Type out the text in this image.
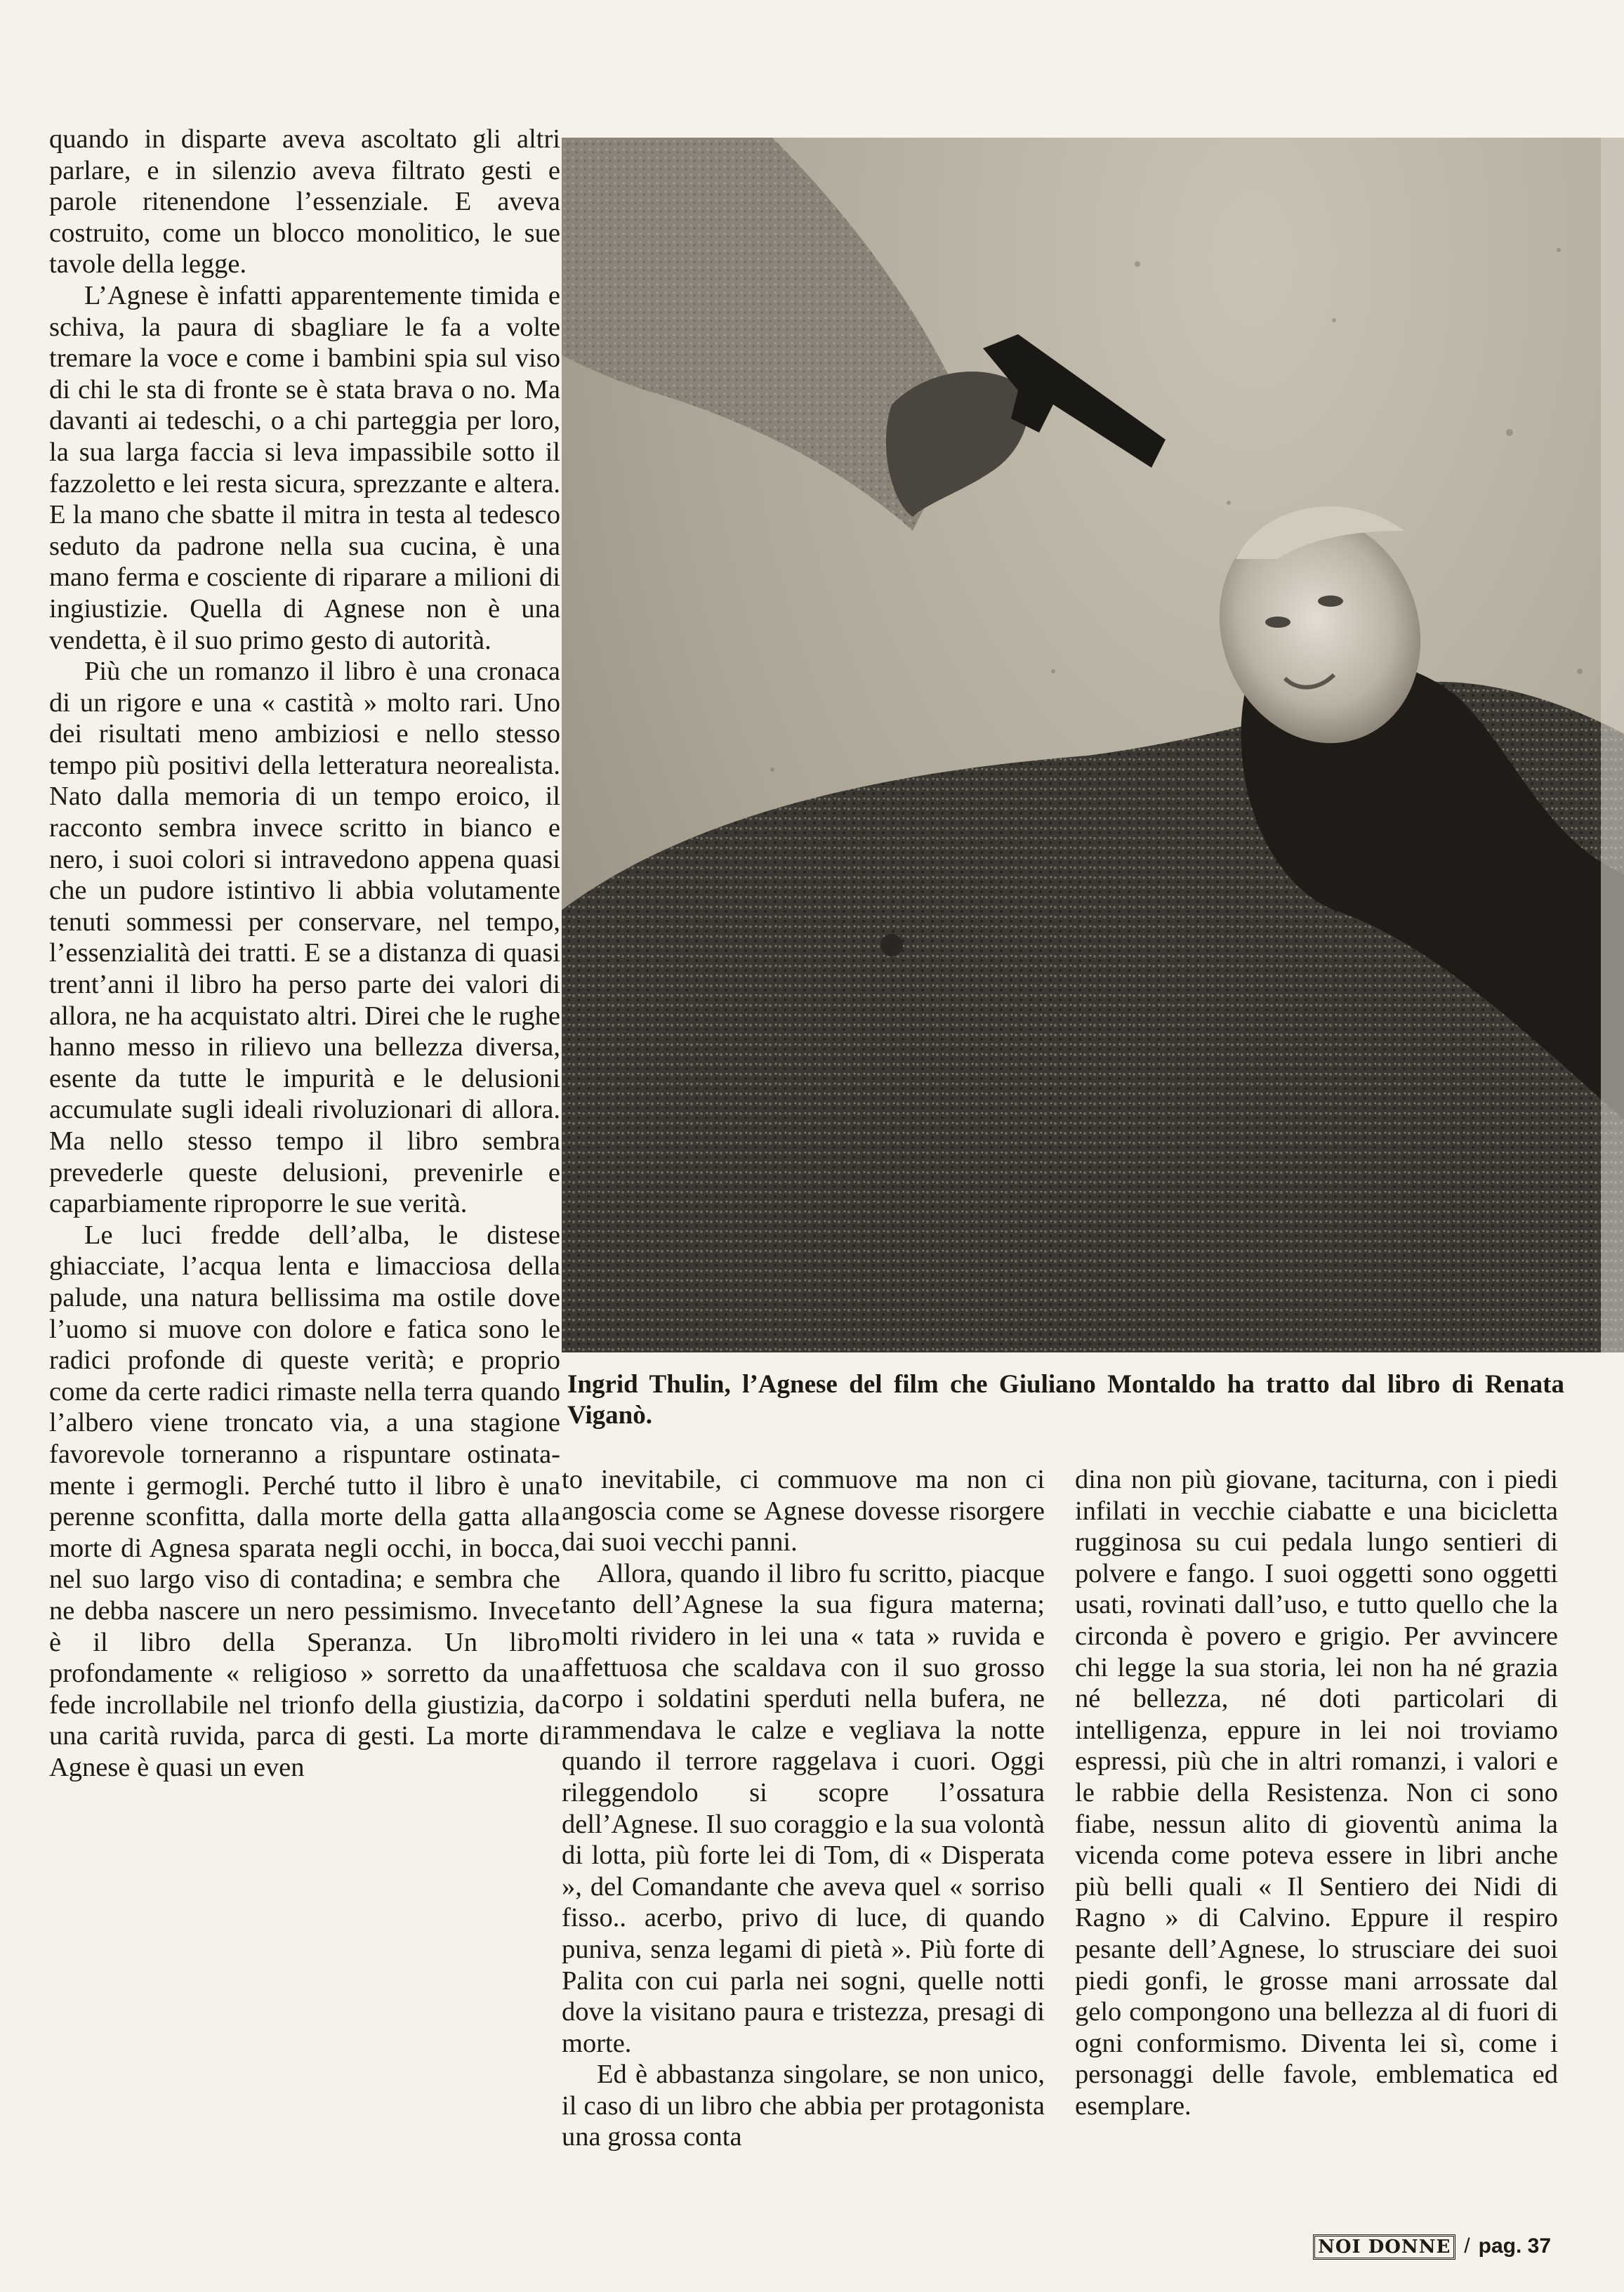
quando in disparte aveva ascoltato gli altri parlare, e in silenzio aveva filtrato gesti e parole ritenendone l’essenziale. E aveva costruito, come un blocco monolitico, le sue tavole della legge.

L’Agnese è infatti apparentemente timida e schiva, la paura di sbagliare le fa a volte tremare la voce e come i bambini spia sul viso di chi le sta di fronte se è stata brava o no. Ma davanti ai tedeschi, o a chi parteggia per loro, la sua larga faccia si leva impassibile sotto il fazzoletto e lei resta sicura, sprezzante e altera. E la mano che sbatte il mitra in testa al tedesco seduto da padrone nella sua cucina, è una mano ferma e cosciente di riparare a milioni di ingiustizie. Quella di Agnese non è una vendetta, è il suo primo gesto di autorità.

Più che un romanzo il libro è una cronaca di un rigore e una « castità » molto rari. Uno dei risultati meno ambiziosi e nello stesso tempo più positivi della letteratura neorealista. Nato dalla memoria di un tempo eroico, il racconto sembra invece scritto in bianco e nero, i suoi colori si intravedono appena quasi che un pudore istintivo li abbia volutamente tenuti sommessi per conservare, nel tempo, l’essenzialità dei tratti. E se a distanza di quasi trent’anni il libro ha perso parte dei valori di allora, ne ha acquistato altri. Direi che le rughe hanno messo in rilievo una bellezza diversa, esente da tutte le impurità e le delusioni accumulate sugli ideali rivoluzionari di allora. Ma nello stesso tempo il libro sembra prevederle queste delusioni, prevenirle e caparbiamente riproporre le sue verità.

Le luci fredde dell’alba, le distese ghiacciate, l’acqua lenta e limacciosa della palude, una natura bellissima ma ostile dove l’uomo si muove con dolore e fatica sono le radici profonde di queste verità; e proprio come da certe radici rimaste nella terra quando l’albero viene troncato via, a una stagione favorevole torneranno a rispuntare ostinatamente i germogli. Perché tutto il libro è una perenne sconfitta, dalla morte della gatta alla morte di Agnesa sparata negli occhi, in bocca, nel suo largo viso di contadina; e sembra che ne debba nascere un nero pessimismo. Invece è il libro della Speranza. Un libro profondamente « religioso » sorretto da una fede incrollabile nel trionfo della giustizia, da una carità ruvida, parca di gesti. La morte di Agnese è quasi un even

Ingrid Thulin, l’Agnese del film che Giuliano Montaldo ha tratto dal libro di Renata Viganò.

to inevitabile, ci commuove ma non ci angoscia come se Agnese dovesse risorgere dai suoi vecchi panni.

Allora, quando il libro fu scritto, piacque tanto dell’Agnese la sua figura materna; molti rividero in lei una « tata » ruvida e affettuosa che scaldava con il suo grosso corpo i soldatini sperduti nella bufera, ne rammendava le calze e vegliava la notte quando il terrore raggelava i cuori. Oggi rileggendolo si scopre l’ossatura dell’Agnese. Il suo coraggio e la sua volontà di lotta, più forte lei di Tom, di « Disperata », del Comandante che aveva quel « sorriso fisso.. acerbo, privo di luce, di quando puniva, senza legami di pietà ». Più forte di Palita con cui parla nei sogni, quelle notti dove la visitano paura e tristezza, presagi di morte.

Ed è abbastanza singolare, se non unico, il caso di un libro che abbia per protagonista una grossa conta

dina non più giovane, taciturna, con i piedi infilati in vecchie ciabatte e una bicicletta rugginosa su cui pedala lungo sentieri di polvere e fango. I suoi oggetti sono oggetti usati, rovinati dall’uso, e tutto quello che la circonda è povero e grigio. Per avvincere chi legge la sua storia, lei non ha né grazia né bellezza, né doti particolari di intelligenza, eppure in lei noi troviamo espressi, più che in altri romanzi, i valori e le rabbie della Resistenza. Non ci sono fiabe, nessun alito di gioventù anima la vicenda come poteva essere in libri anche più belli quali « Il Sentiero dei Nidi di Ragno » di Calvino. Eppure il respiro pesante dell’Agnese, lo strusciare dei suoi piedi gonfi, le grosse mani arrossate dal gelo compongono una bellezza al di fuori di ogni conformismo. Diventa lei sì, come i personaggi delle favole, emblematica ed esemplare.

NOI DONNE / pag. 37
